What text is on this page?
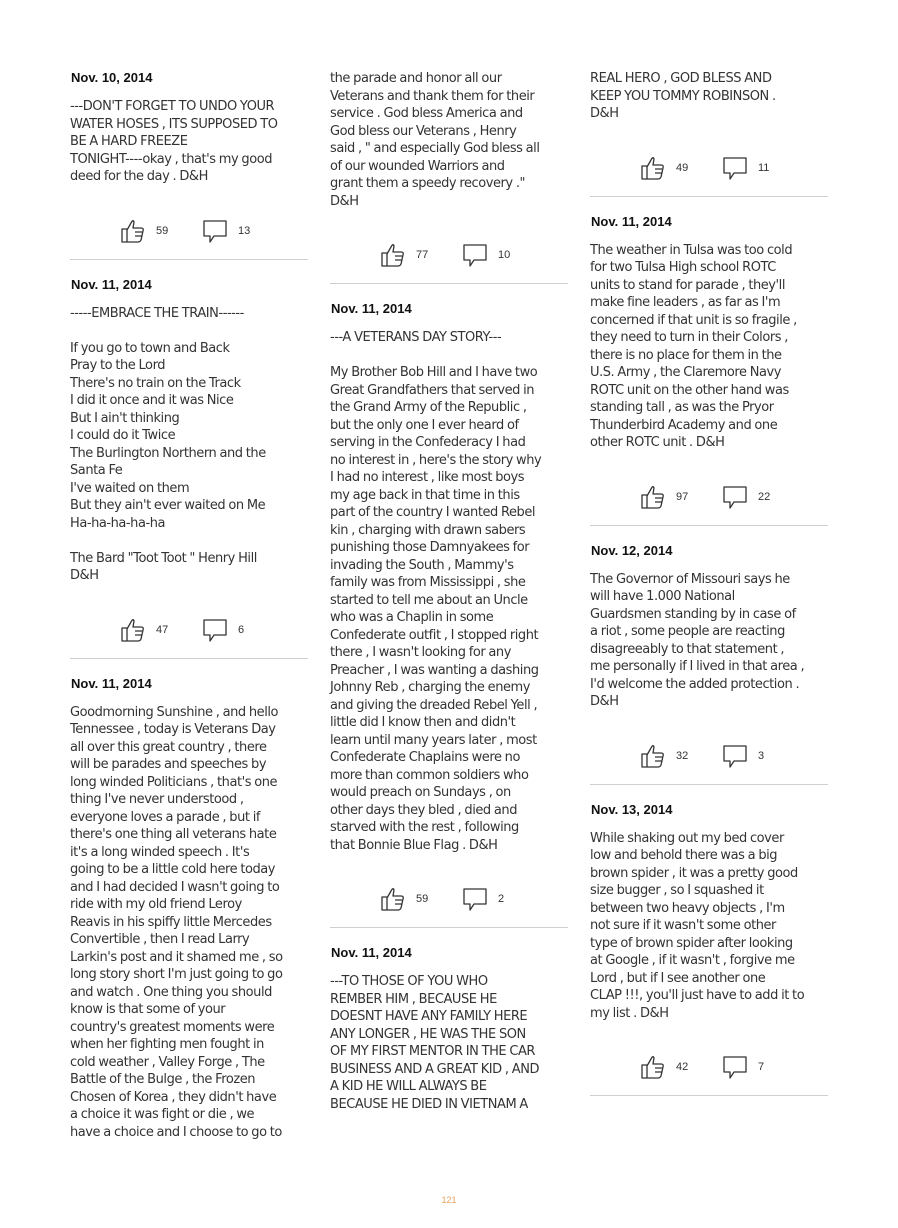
Nov. 10, 2014
---DON'T FORGET TO UNDO YOUR
WATER HOSES , ITS SUPPOSED TO
BE A HARD FREEZE
TONIGHT----okay , that's my good
deed for the day . D&H
59	13
Nov. 11, 2014
-----EMBRACE THE TRAIN------

If you go to town and Back
Pray to the Lord
There's no train on the Track
I did it once and it was Nice
But I ain't thinking
I could do it Twice
The Burlington Northern and the
Santa Fe
I've waited on them
But they ain't ever waited on Me
Ha-ha-ha-ha-ha

The Bard "Toot Toot " Henry Hill
D&H
47	6
Nov. 11, 2014
Goodmorning Sunshine , and hello
Tennessee , today is Veterans Day
all over this great country , there
will be parades and speeches by
long winded Politicians , that's one
thing I've never understood ,
everyone loves a parade , but if
there's one thing all veterans hate
it's a long winded speech . It's
going to be a little cold here today
and I had decided I wasn't going to
ride with my old friend Leroy
Reavis in his spiffy little Mercedes
Convertible , then I read Larry
Larkin's post and it shamed me , so
long story short I'm just going to go
and watch . One thing you should
know is that some of your
country's greatest moments were
when her fighting men fought in
cold weather , Valley Forge , The
Battle of the Bulge , the Frozen
Chosen of Korea , they didn't have
a choice it was fight or die , we
have a choice and I choose to go to
the parade and honor all our
Veterans and thank them for their
service . God bless America and
God bless our Veterans , Henry
said , " and especially God bless all
of our wounded Warriors and
grant them a speedy recovery ."
D&H
77	10
Nov. 11, 2014
---A VETERANS DAY STORY---

My Brother Bob Hill and I have two
Great Grandfathers that served in
the Grand Army of the Republic ,
but the only one I ever heard of
serving in the Confederacy I had
no interest in , here's the story why
I had no interest , like most boys
my age back in that time in this
part of the country I wanted Rebel
kin , charging with drawn sabers
punishing those Damnyakees for
invading the South , Mammy's
family was from Mississippi , she
started to tell me about an Uncle
who was a Chaplin in some
Confederate outfit , I stopped right
there , I wasn't looking for any
Preacher , I was wanting a dashing
Johnny Reb , charging the enemy
and giving the dreaded Rebel Yell ,
little did I know then and didn't
learn until many years later , most
Confederate Chaplains were no
more than common soldiers who
would preach on Sundays , on
other days they bled , died and
starved with the rest , following
that Bonnie Blue Flag . D&H
59	2
Nov. 11, 2014
---TO THOSE OF YOU WHO
REMBER HIM , BECAUSE HE
DOESNT HAVE ANY FAMILY HERE
ANY LONGER , HE WAS THE SON
OF MY FIRST MENTOR IN THE CAR
BUSINESS AND A GREAT KID , AND
A KID HE WILL ALWAYS BE
BECAUSE HE DIED IN VIETNAM A
REAL HERO , GOD BLESS AND
KEEP YOU TOMMY ROBINSON .
D&H
49	11
Nov. 11, 2014
The weather in Tulsa was too cold
for two Tulsa High school ROTC
units to stand for parade , they'll
make fine leaders , as far as I'm
concerned if that unit is so fragile ,
they need to turn in their Colors ,
there is no place for them in the
U.S. Army , the Claremore Navy
ROTC unit on the other hand was
standing tall , as was the Pryor
Thunderbird Academy and one
other ROTC unit . D&H
97	22
Nov. 12, 2014
The Governor of Missouri says he
will have 1.000 National
Guardsmen standing by in case of
a riot , some people are reacting
disagreeably to that statement ,
me personally if I lived in that area ,
I'd welcome the added protection .
D&H
32	3
Nov. 13, 2014
While shaking out my bed cover
low and behold there was a big
brown spider , it was a pretty good
size bugger , so I squashed it
between two heavy objects , I'm
not sure if it wasn't some other
type of brown spider after looking
at Google , if it wasn't , forgive me
Lord , but if I see another one
CLAP !!!, you'll just have to add it to
my list . D&H
42	7
121
